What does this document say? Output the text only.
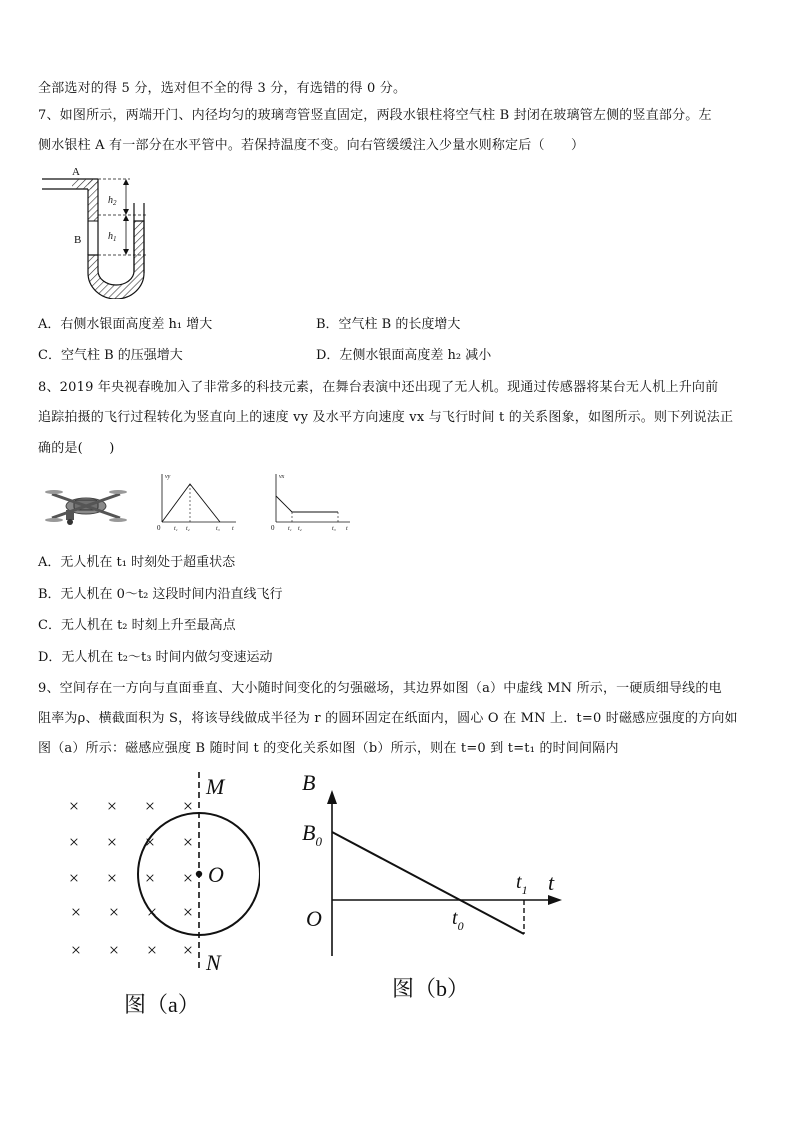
全部选对的得 5 分，选对但不全的得 3 分，有选错的得 0 分。
7、如图所示，两端开门、内径均匀的玻璃弯管竖直固定，两段水银柱将空气柱 B 封闭在玻璃管左侧的竖直部分。左
侧水银柱 A 有一部分在水平管中。若保持温度不变。向右管缓缓注入少量水则称定后（　　）
A
B
$h_2$
$h_1$
A．右侧水银面高度差 h₁ 增大	B．空气柱 B 的长度增大
C．空气柱 B 的压强增大	D．左侧水银面高度差 h₂ 减小
8、2019 年央视春晚加入了非常多的科技元素，在舞台表演中还出现了无人机。现通过传感器将某台无人机上升向前
追踪拍摄的飞行过程转化为竖直向上的速度 vy 及水平方向速度 vx 与飞行时间 t 的关系图象，如图所示。则下列说法正
确的是(　　)
vy
0 t₁ t₂	t₃ t
vx
0 t₁ t₂	t₃ t
A．无人机在 t₁ 时刻处于超重状态
B．无人机在 0～t₂ 这段时间内沿直线飞行
C．无人机在 t₂ 时刻上升至最高点
D．无人机在 t₂～t₃ 时间内做匀变速运动
9、空间存在一方向与直面垂直、大小随时间变化的匀强磁场，其边界如图（a）中虚线 MN 所示，一硬质细导线的电
阻率为ρ、横截面积为 S，将该导线做成半径为 r 的圆环固定在纸面内，圆心 O 在 MN 上．t=0 时磁感应强度的方向如
图（a）所示：磁感应强度 B 随时间 t 的变化关系如图（b）所示，则在 t=0 到 t=t₁ 的时间间隔内
× × × ×
× × × ×
× × × ×
× × × ×
× × × ×
M
O
N
图（a）
B
$B_0$
O
t
$t_0$
$t_1$
图（b）
